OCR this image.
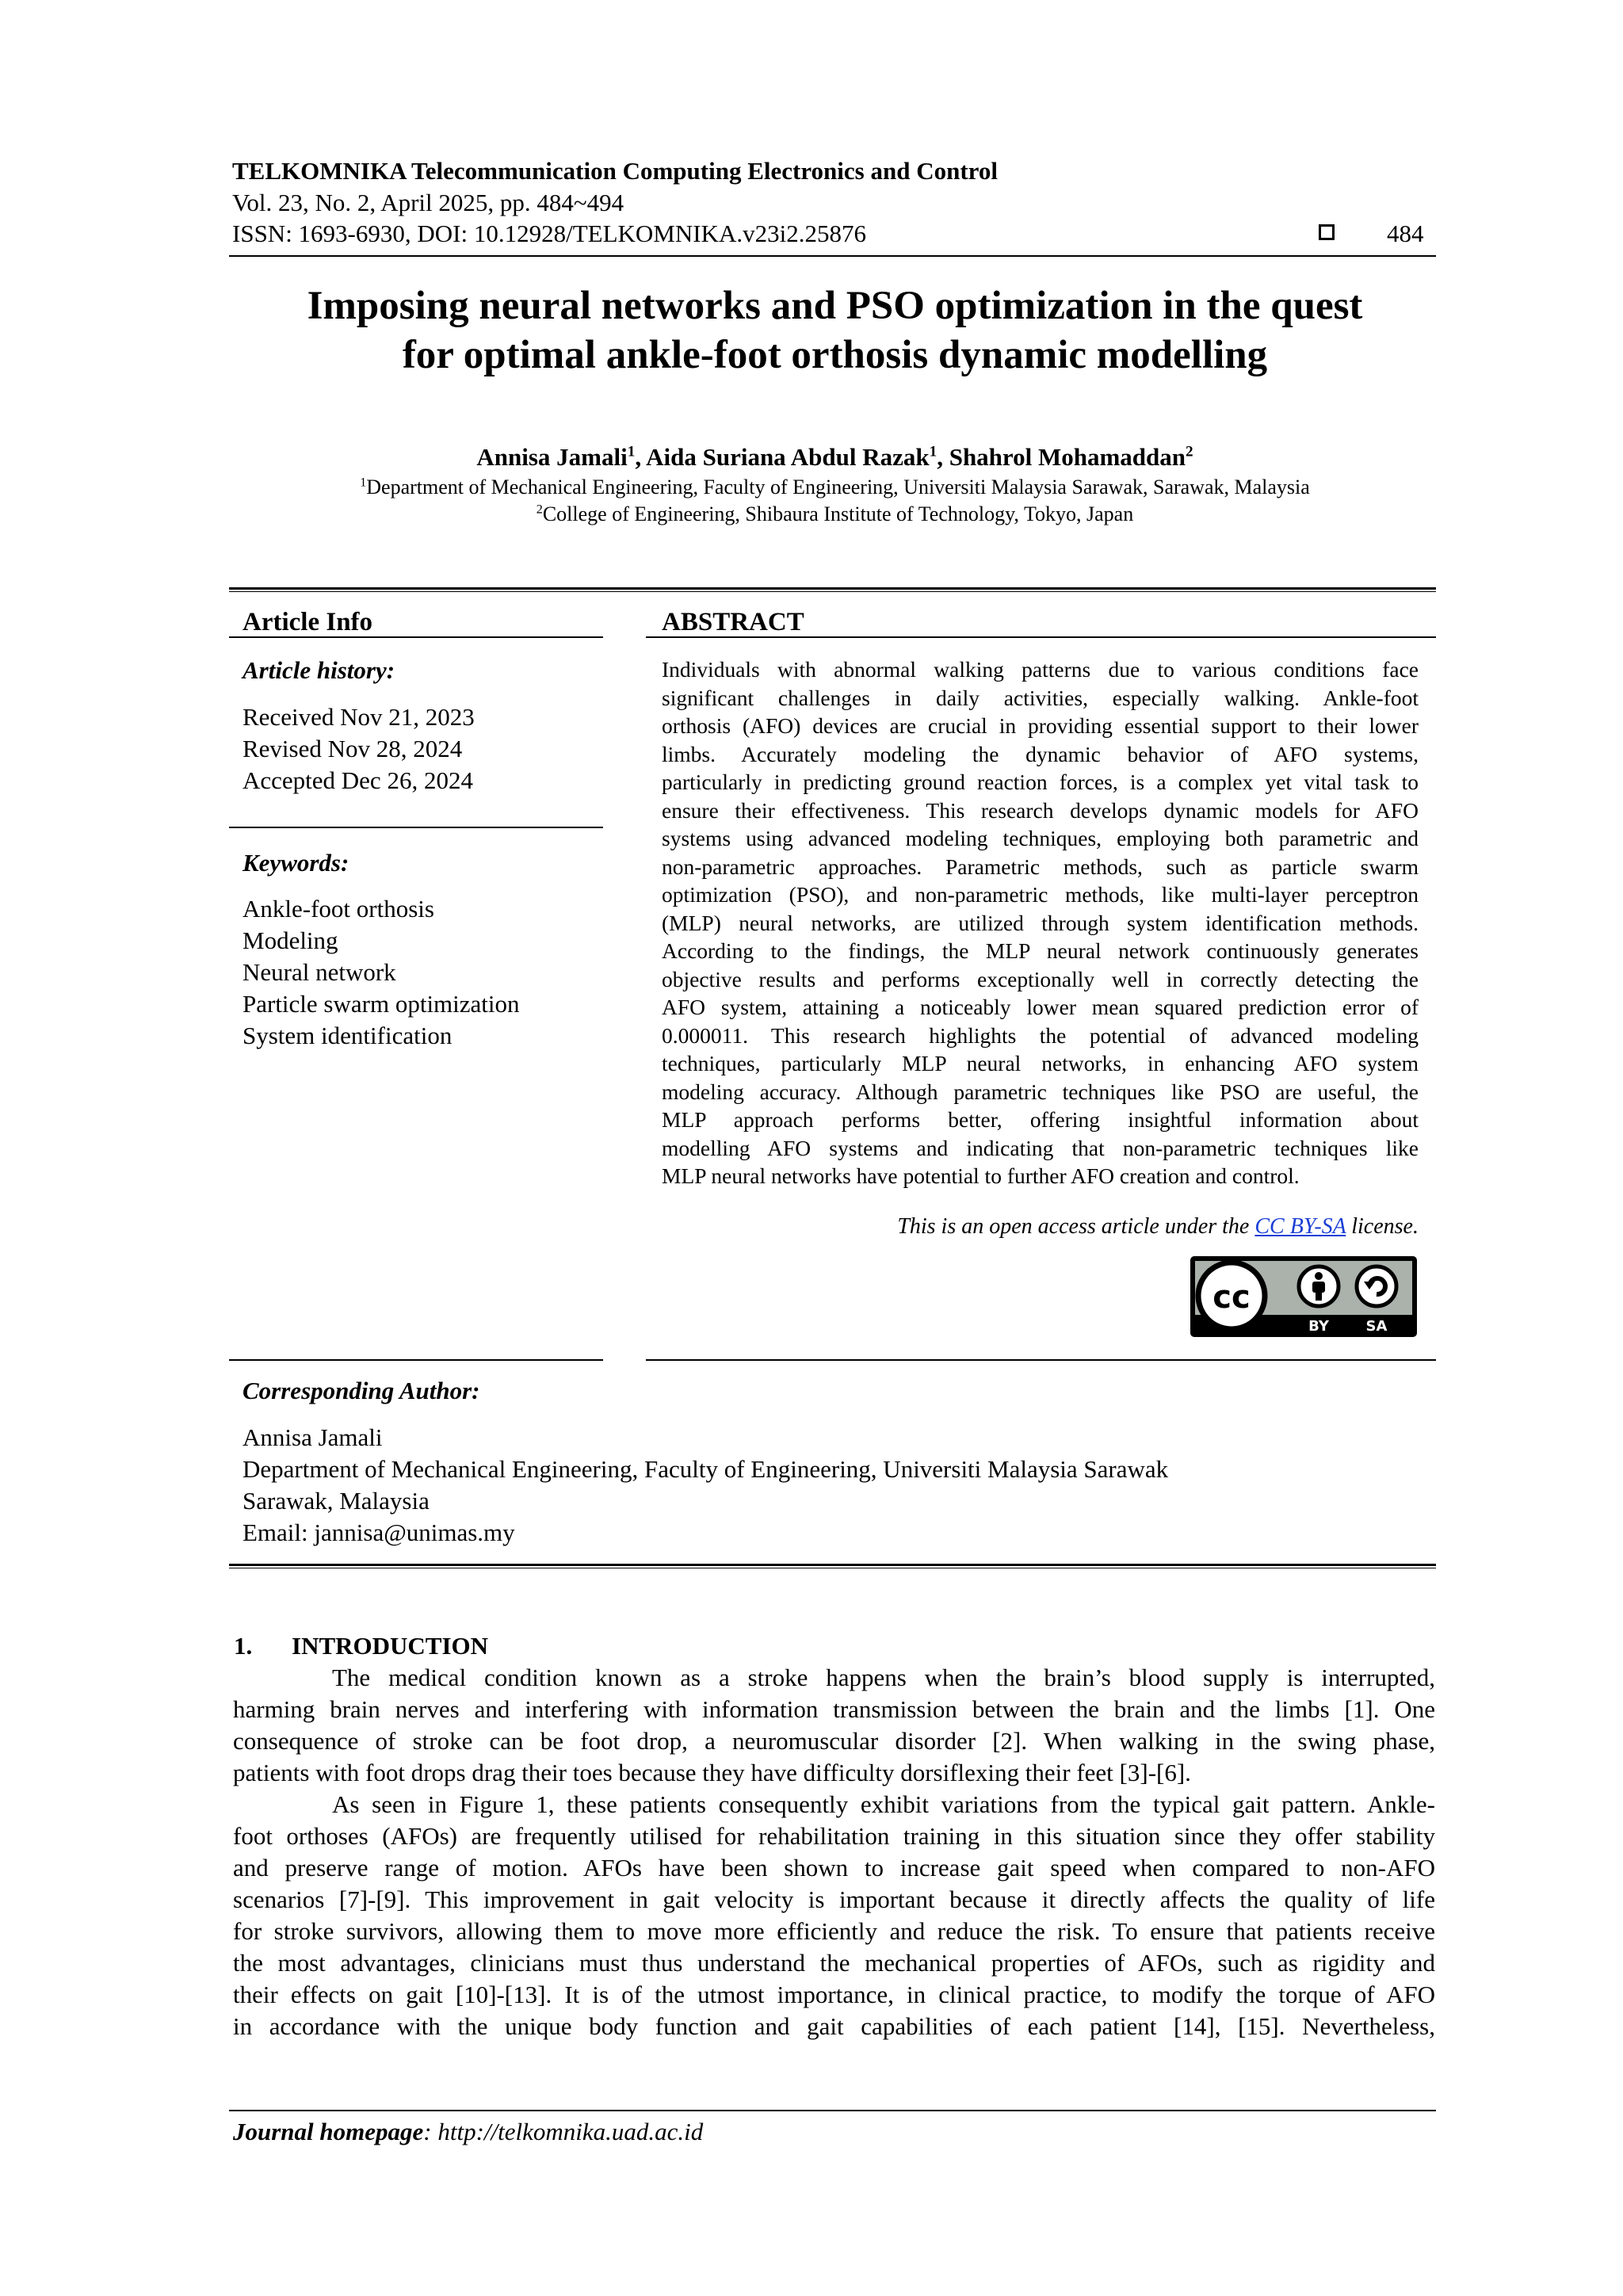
TELKOMNIKA Telecommunication Computing Electronics and Control
Vol. 23, No. 2, April 2025, pp. 484~494
ISSN: 1693-6930, DOI: 10.12928/TELKOMNIKA.v23i2.25876	484
Imposing neural networks and PSO optimization in the quest
for optimal ankle-foot orthosis dynamic modelling
Annisa Jamali$^1$, Aida Suriana Abdul Razak$^1$, Shahrol Mohamaddan$^2$
$^1$Department of Mechanical Engineering, Faculty of Engineering, Universiti Malaysia Sarawak, Sarawak, Malaysia
$^2$College of Engineering, Shibaura Institute of Technology, Tokyo, Japan
Article Info
Article history:
Received Nov 21, 2023
Revised Nov 28, 2024
Accepted Dec 26, 2024
Keywords:
Ankle-foot orthosis
Modeling
Neural network
Particle swarm optimization
System identification
ABSTRACT
Individuals with abnormal walking patterns due to various conditions face
significant challenges in daily activities, especially walking. Ankle-foot
orthosis (AFO) devices are crucial in providing essential support to their lower
limbs. Accurately modeling the dynamic behavior of AFO systems,
particularly in predicting ground reaction forces, is a complex yet vital task to
ensure their effectiveness. This research develops dynamic models for AFO
systems using advanced modeling techniques, employing both parametric and
non-parametric approaches. Parametric methods, such as particle swarm
optimization (PSO), and non-parametric methods, like multi-layer perceptron
(MLP) neural networks, are utilized through system identification methods.
According to the findings, the MLP neural network continuously generates
objective results and performs exceptionally well in correctly detecting the
AFO system, attaining a noticeably lower mean squared prediction error of
0.000011. This research highlights the potential of advanced modeling
techniques, particularly MLP neural networks, in enhancing AFO system
modeling accuracy. Although parametric techniques like PSO are useful, the
MLP approach performs better, offering insightful information about
modelling AFO systems and indicating that non-parametric techniques like
MLP neural networks have potential to further AFO creation and control.
This is an open access article under the CC BY-SA license.
cc
BY	SA
Corresponding Author:
Annisa Jamali
Department of Mechanical Engineering, Faculty of Engineering, Universiti Malaysia Sarawak
Sarawak, Malaysia
Email: jannisa@unimas.my
1. INTRODUCTION
The medical condition known as a stroke happens when the brain’s blood supply is interrupted,
harming brain nerves and interfering with information transmission between the brain and the limbs [1]. One
consequence of stroke can be foot drop, a neuromuscular disorder [2]. When walking in the swing phase,
patients with foot drops drag their toes because they have difficulty dorsiflexing their feet [3]-[6].
As seen in Figure 1, these patients consequently exhibit variations from the typical gait pattern. Ankle-
foot orthoses (AFOs) are frequently utilised for rehabilitation training in this situation since they offer stability
and preserve range of motion. AFOs have been shown to increase gait speed when compared to non-AFO
scenarios [7]-[9]. This improvement in gait velocity is important because it directly affects the quality of life
for stroke survivors, allowing them to move more efficiently and reduce the risk. To ensure that patients receive
the most advantages, clinicians must thus understand the mechanical properties of AFOs, such as rigidity and
their effects on gait [10]-[13]. It is of the utmost importance, in clinical practice, to modify the torque of AFO
in accordance with the unique body function and gait capabilities of each patient [14], [15]. Nevertheless,
Journal homepage: http://telkomnika.uad.ac.id
